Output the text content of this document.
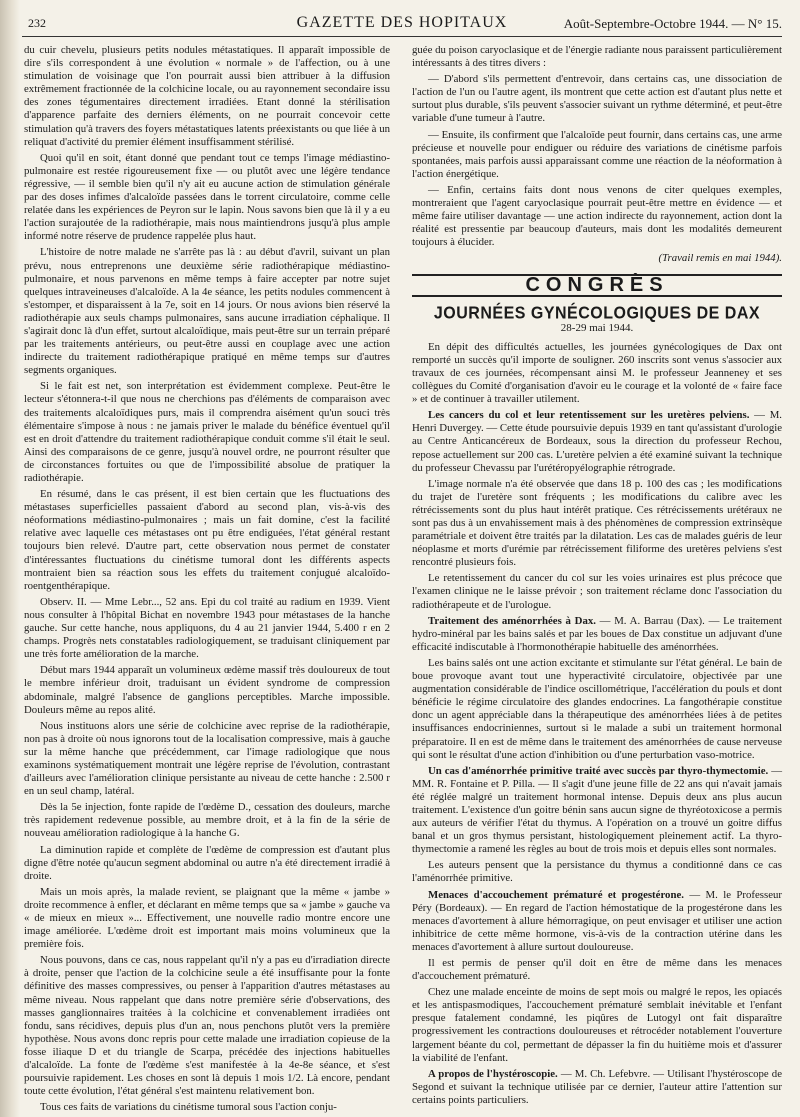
232	GAZETTE DES HOPITAUX	Août-Septembre-Octobre 1944. — N° 15.

du cuir chevelu, plusieurs petits nodules métastatiques. Il apparaît impossible de dire s'ils correspondent à une évolution « normale » de l'affection, ou à une stimulation de voisinage que l'on pourrait aussi bien attribuer à la diffusion extrêmement fractionnée de la colchicine locale, ou au rayonnement secondaire issu des zones tégumentaires directement irradiées. Etant donné la stérilisation d'apparence parfaite des derniers éléments, on ne pourrait concevoir cette stimulation qu'à travers des foyers métastatiques latents préexistants ou que liée à un reliquat d'activité du premier élément insuffisamment stérilisé.

Quoi qu'il en soit, étant donné que pendant tout ce temps l'image médiastino-pulmonaire est restée rigoureusement fixe — ou plutôt avec une légère tendance régressive, — il semble bien qu'il n'y ait eu aucune action de stimulation générale par des doses infimes d'alcaloïde passées dans le torrent circulatoire, comme celle relatée dans les expériences de Peyron sur le lapin. Nous savons bien que là il y a eu l'action surajoutée de la radiothérapie, mais nous maintiendrons jusqu'à plus ample informé notre réserve de prudence rappelée plus haut.

L'histoire de notre malade ne s'arrête pas là : au début d'avril, suivant un plan prévu, nous entreprenons une deuxième série radiothérapique médiastino-pulmonaire, et nous parvenons en même temps à faire accepter par notre sujet quelques intraveineuses d'alcaloïde. A la 4e séance, les petits nodules commencent à s'estomper, et disparaissent à la 7e, soit en 14 jours. Or nous avions bien réservé la radiothérapie aux seuls champs pulmonaires, sans aucune irradiation céphalique. Il s'agirait donc là d'un effet, surtout alcaloïdique, mais peut-être sur un terrain préparé par les traitements antérieurs, ou peut-être aussi en couplage avec une action indirecte du traitement radiothérapique pratiqué en même temps sur d'autres segments organiques.

Si le fait est net, son interprétation est évidemment complexe. Peut-être le lecteur s'étonnera-t-il que nous ne cherchions pas d'éléments de comparaison avec des traitements alcaloïdiques purs, mais il comprendra aisément qu'un souci très élémentaire s'impose à nous : ne jamais priver le malade du bénéfice éventuel qu'il est en droit d'attendre du traitement radiothérapique conduit comme s'il était le seul. Ainsi des comparaisons de ce genre, jusqu'à nouvel ordre, ne pourront résulter que de circonstances fortuites ou que de l'impossibilité absolue de pratiquer la radiothérapie.

En résumé, dans le cas présent, il est bien certain que les fluctuations des métastases superficielles passaient d'abord au second plan, vis-à-vis des néoformations médiastino-pulmonaires ; mais un fait domine, c'est la facilité relative avec laquelle ces métastases ont pu être endiguées, l'état général restant toujours bien relevé. D'autre part, cette observation nous permet de constater d'intéressantes fluctuations du cinétisme tumoral dont les différents aspects montraient bien sa réaction sous les effets du traitement conjugué alcaloïdo-roentgenthérapique.

Observ. II. — Mme Lebr..., 52 ans. Epi du col traité au radium en 1939. Vient nous consulter à l'hôpital Bichat en novembre 1943 pour métastases de la hanche gauche. Sur cette hanche, nous appliquons, du 4 au 21 janvier 1944, 5.400 r en 2 champs. Progrès nets constatables radiologiquement, se traduisant cliniquement par une très forte amélioration de la marche.

Début mars 1944 apparaît un volumineux œdème massif très douloureux de tout le membre inférieur droit, traduisant un évident syndrome de compression abdominale, malgré l'absence de ganglions perceptibles. Marche impossible. Douleurs même au repos alité.

Nous instituons alors une série de colchicine avec reprise de la radiothérapie, non pas à droite où nous ignorons tout de la localisation compressive, mais à gauche sur la même hanche que précédemment, car l'image radiologique que nous examinons systématiquement montrait une légère reprise de l'évolution, contrastant d'ailleurs avec l'amélioration clinique persistante au niveau de cette hanche : 2.500 r en un seul champ, latéral.

Dès la 5e injection, fonte rapide de l'œdème D., cessation des douleurs, marche très rapidement redevenue possible, au membre droit, et à la fin de la série de nouveau amélioration radiologique à la hanche G.

La diminution rapide et complète de l'œdème de compression est d'autant plus digne d'être notée qu'aucun segment abdominal ou autre n'a été directement irradié à droite.

Mais un mois après, la malade revient, se plaignant que la même « jambe » droite recommence à enfler, et déclarant en même temps que sa « jambe » gauche va « de mieux en mieux »... Effectivement, une nouvelle radio montre encore une image améliorée. L'œdème droit est important mais moins volumineux que la première fois.

Nous pouvons, dans ce cas, nous rappelant qu'il n'y a pas eu d'irradiation directe à droite, penser que l'action de la colchicine seule a été insuffisante pour la fonte définitive des masses compressives, ou penser à l'apparition d'autres métastases au même niveau. Nous rappelant que dans notre première série d'observations, des masses ganglionnaires traitées à la colchicine et convenablement irradiées ont fondu, sans récidives, depuis plus d'un an, nous penchons plutôt vers la première hypothèse. Nous avons donc repris pour cette malade une irradiation copieuse de la fosse iliaque D et du triangle de Scarpa, précédée des injections habituelles d'alcaloïde. La fonte de l'œdème s'est manifestée à la 4e-8e séance, et s'est poursuivie rapidement. Les choses en sont là depuis 1 mois 1/2. Là encore, pendant toute cette évolution, l'état général s'est maintenu relativement bon.

Tous ces faits de variations du cinétisme tumoral sous l'action conju-

guée du poison caryoclasique et de l'énergie radiante nous paraissent particulièrement intéressants à des titres divers :

— D'abord s'ils permettent d'entrevoir, dans certains cas, une dissociation de l'action de l'un ou l'autre agent, ils montrent que cette action est d'autant plus nette et surtout plus durable, s'ils peuvent s'associer suivant un rythme déterminé, et peut-être variable d'une tumeur à l'autre.

— Ensuite, ils confirment que l'alcaloïde peut fournir, dans certains cas, une arme précieuse et nouvelle pour endiguer ou réduire des variations de cinétisme parfois spontanées, mais parfois aussi apparaissant comme une réaction de la néoformation à l'action énergétique.

— Enfin, certains faits dont nous venons de citer quelques exemples, montreraient que l'agent caryoclasique pourrait peut-être mettre en évidence — et même faire utiliser davantage — une action indirecte du rayonnement, action dont la réalité est pressentie par beaucoup d'auteurs, mais dont les modalités demeurent toujours à élucider.

(Travail remis en mai 1944).
CONGRÈS
JOURNÉES GYNÉCOLOGIQUES DE DAX
28-29 mai 1944.

En dépit des difficultés actuelles, les journées gynécologiques de Dax ont remporté un succès qu'il importe de souligner. 260 inscrits sont venus s'associer aux travaux de ces journées, récompensant ainsi M. le professeur Jeanneney et ses collègues du Comité d'organisation d'avoir eu le courage et la volonté de « faire face » et de continuer à travailler utilement.

Les cancers du col et leur retentissement sur les uretères pelviens. — M. Henri Duvergey. — Cette étude poursuivie depuis 1939 en tant qu'assistant d'urologie au Centre Anticancéreux de Bordeaux, sous la direction du professeur Rechou, repose actuellement sur 200 cas. L'uretère pelvien a été examiné suivant la technique du professeur Chevassu par l'urétéropyélographie rétrograde.

L'image normale n'a été observée que dans 18 p. 100 des cas ; les modifications du trajet de l'uretère sont fréquents ; les modifications du calibre avec les rétrécissements sont du plus haut intérêt pratique. Ces rétrécissements urétéraux ne sont pas dus à un envahissement mais à des phénomènes de compression extrinsèque paramétriale et doivent être traités par la dilatation. Les cas de malades guéris de leur néoplasme et morts d'urémie par rétrécissement filiforme des uretères pelviens s'est rencontré plusieurs fois.

Le retentissement du cancer du col sur les voies urinaires est plus précoce que l'examen clinique ne le laisse prévoir ; son traitement réclame donc l'association du radiothérapeute et de l'urologue.

Traitement des aménorrhées à Dax. — M. A. Barrau (Dax). — Le traitement hydro-minéral par les bains salés et par les boues de Dax constitue un adjuvant d'une efficacité indiscutable à l'hormonothérapie habituelle des aménorrhées.

Les bains salés ont une action excitante et stimulante sur l'état général. Le bain de boue provoque avant tout une hyperactivité circulatoire, objectivée par une augmentation considérable de l'indice oscillométrique, l'accélération du pouls et dont bénéficie le régime circulatoire des glandes endocrines. La fangothérapie constitue donc un agent appréciable dans la thérapeutique des aménorrhées liées à de petites insuffisances endocriniennes, surtout si le malade a subi un traitement hormonal préparatoire. Il en est de même dans le traitement des aménorrhées de cause nerveuse qui sont le résultat d'une action d'inhibition ou d'une perturbation vaso-motrice.

Un cas d'aménorrhée primitive traité avec succès par thyro-thymectomie. — MM. R. Fontaine et P. Pilla. — Il s'agit d'une jeune fille de 22 ans qui n'avait jamais été réglée malgré un traitement hormonal intense. Depuis deux ans plus aucun traitement. L'existence d'un goitre bénin sans aucun signe de thyréotoxicose a permis aux auteurs de vérifier l'état du thymus. A l'opération on a trouvé un goitre diffus banal et un gros thymus persistant, histologiquement pleinement actif. La thyro-thymectomie a ramené les règles au bout de trois mois et depuis elles sont normales.

Les auteurs pensent que la persistance du thymus a conditionné dans ce cas l'aménorrhée primitive.

Menaces d'accouchement prématuré et progestérone. — M. le Professeur Péry (Bordeaux). — En regard de l'action hémostatique de la progestérone dans les menaces d'avortement à allure hémorragique, on peut envisager et utiliser une action inhibitrice de cette même hormone, vis-à-vis de la contraction utérine dans les menaces d'avortement à allure surtout douloureuse.

Il est permis de penser qu'il doit en être de même dans les menaces d'accouchement prématuré.

Chez une malade enceinte de moins de sept mois ou malgré le repos, les opiacés et les antispasmodiques, l'accouchement prématuré semblait inévitable et l'enfant presque fatalement condamné, les piqûres de Lutogyl ont fait disparaître progressivement les contractions douloureuses et rétrocéder notablement l'ouverture largement béante du col, permettant de dépasser la fin du huitième mois et d'assurer la viabilité de l'enfant.

A propos de l'hystéroscopie. — M. Ch. Lefebvre. — Utilisant l'hystéroscope de Segond et suivant la technique utilisée par ce dernier, l'auteur attire l'attention sur certains points particuliers.
